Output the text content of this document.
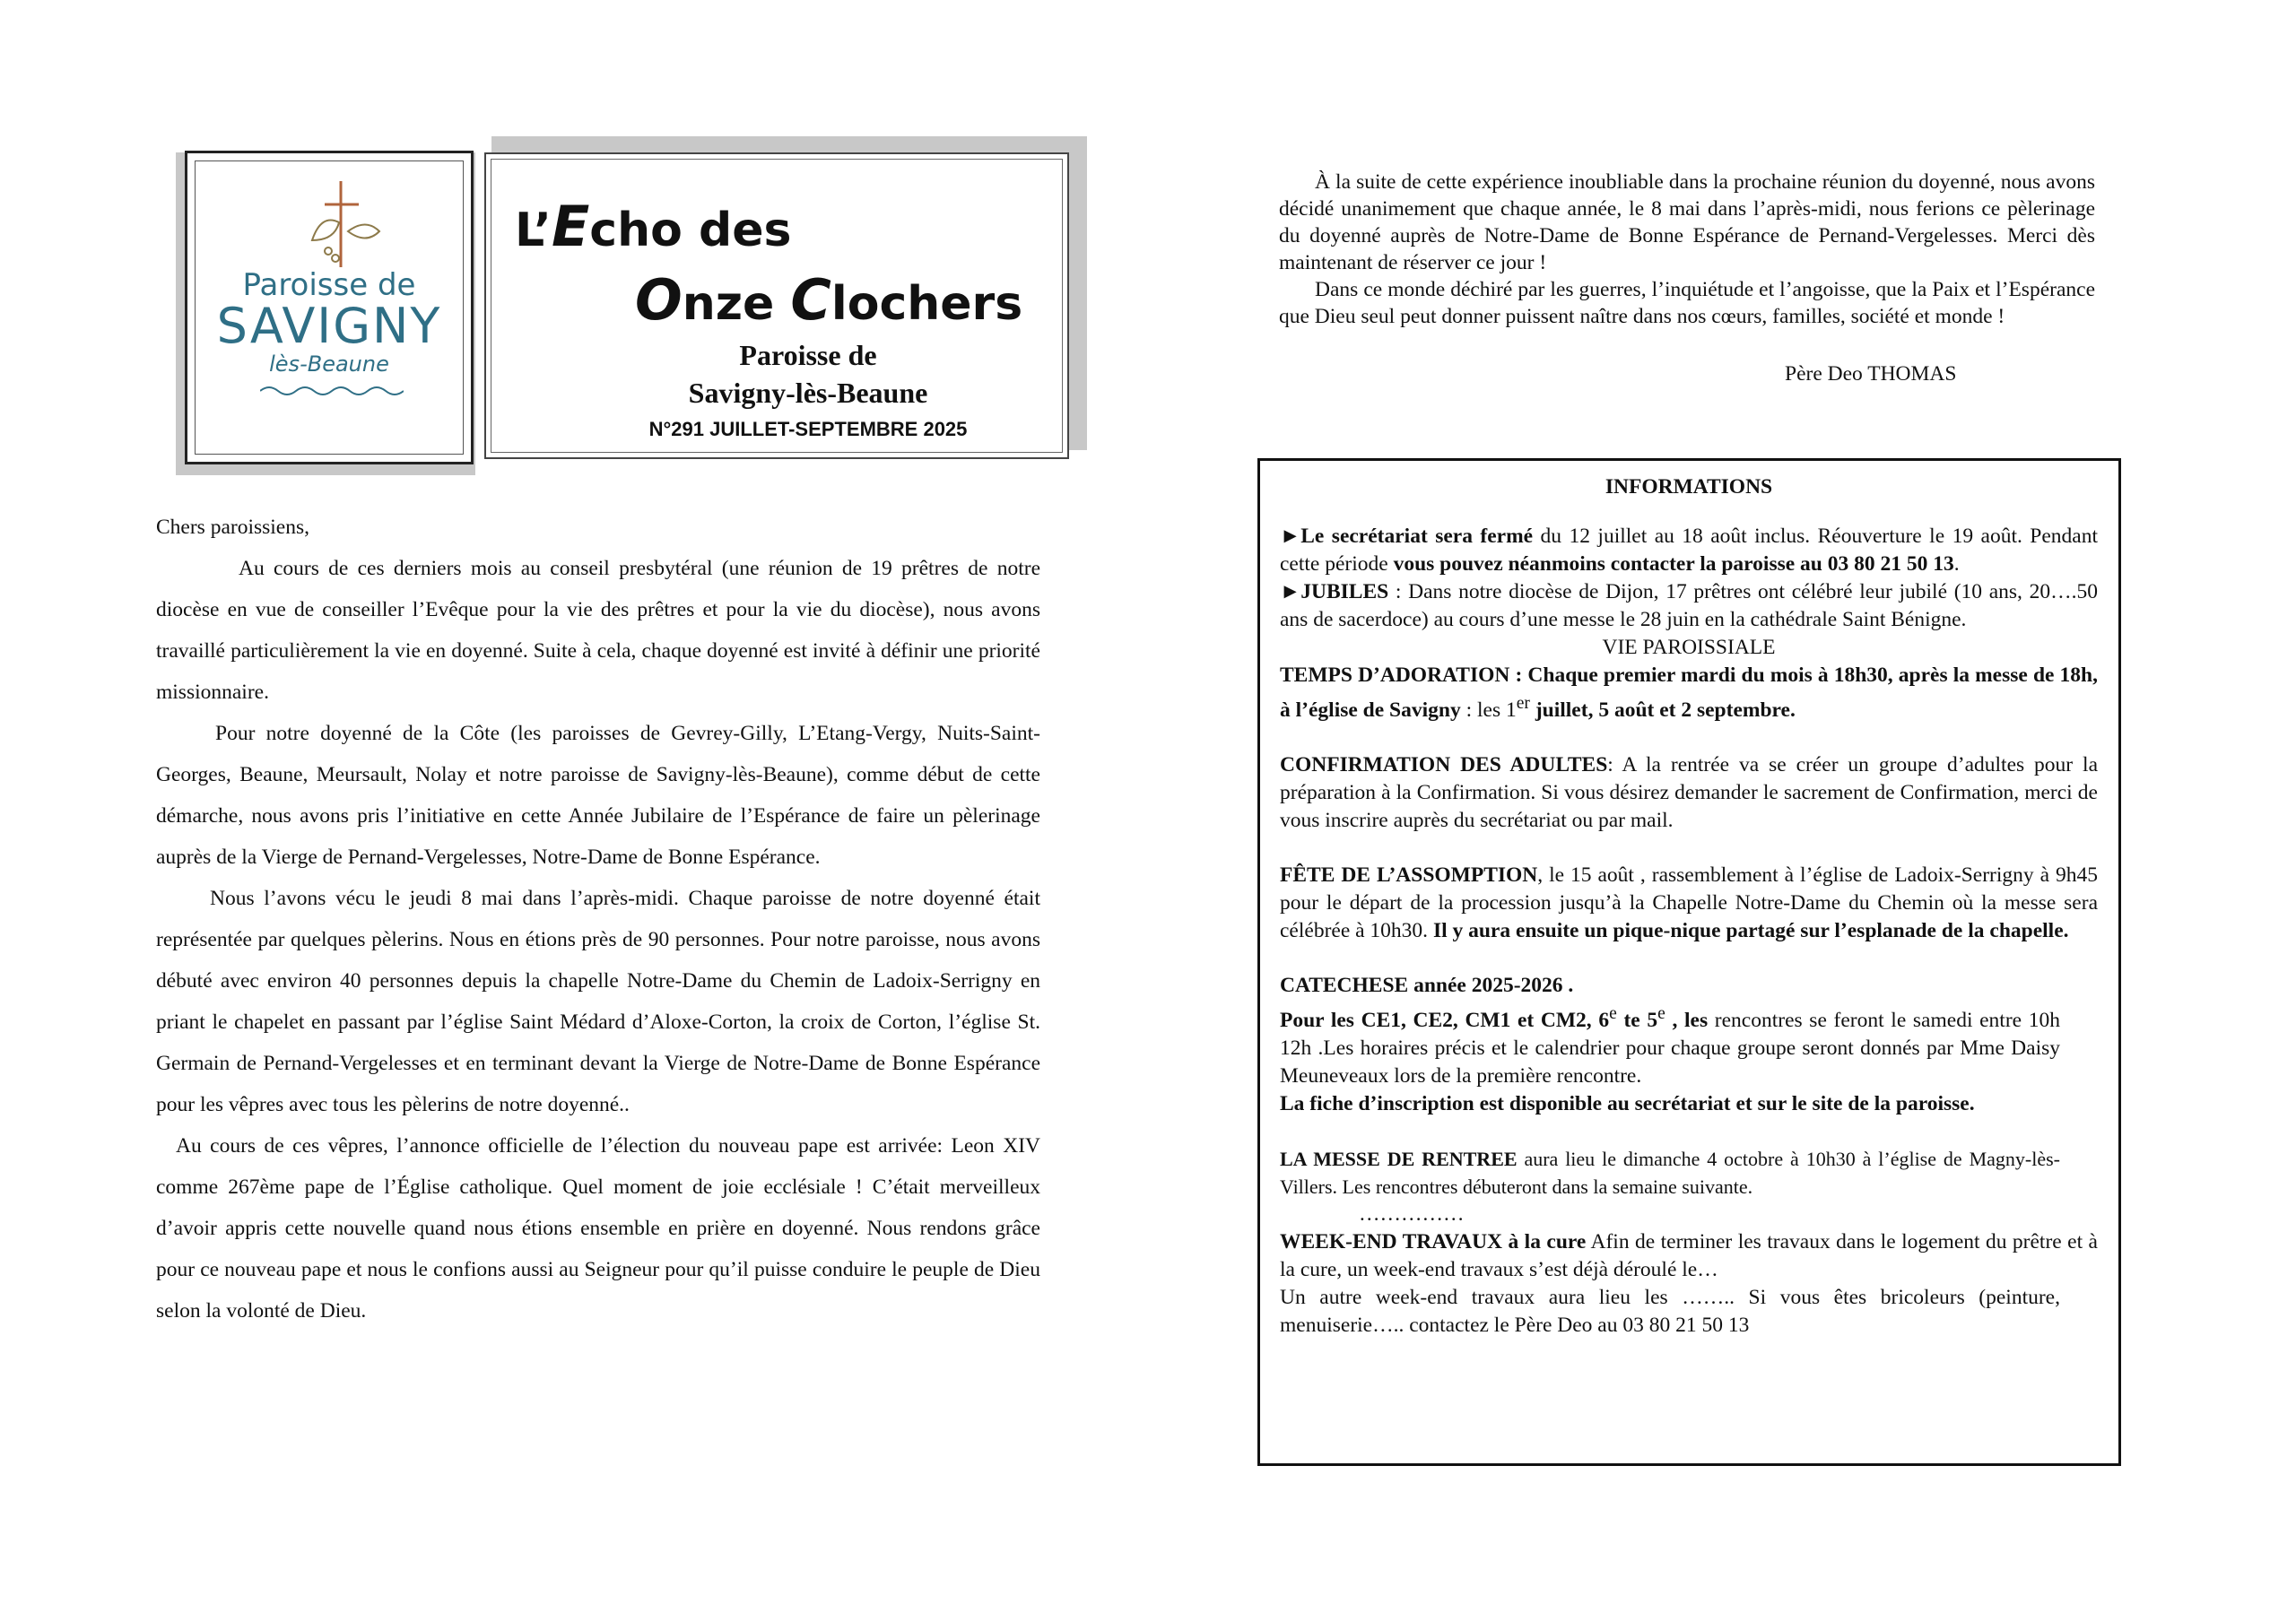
Paroisse de
SAVIGNY
lès-Beaune
L’Echo des
Onze Clochers
Paroisse de
Savigny-lès-Beaune
N°291 JUILLET-SEPTEMBRE 2025

Chers paroissiens,

Au cours de ces derniers mois au conseil presbytéral (une réunion de 19 prêtres de notre diocèse en vue de conseiller l’Evêque pour la vie des prêtres et pour la vie du diocèse), nous avons travaillé particulièrement la vie en doyenné. Suite à cela, chaque doyenné est invité à définir une priorité missionnaire.

Pour notre doyenné de la Côte (les paroisses de Gevrey-Gilly, L’Etang-Vergy, Nuits-Saint-Georges, Beaune, Meursault, Nolay et notre paroisse de Savigny-lès-Beaune), comme début de cette démarche, nous avons pris l’initiative en cette Année Jubilaire de l’Espérance de faire un pèlerinage auprès de la Vierge de Pernand-Vergelesses, Notre-Dame de Bonne Espérance.

Nous l’avons vécu le jeudi 8 mai dans l’après-midi. Chaque paroisse de notre doyenné était représentée par quelques pèlerins. Nous en étions près de 90 personnes. Pour notre paroisse, nous avons débuté avec environ 40 personnes depuis la chapelle Notre-Dame du Chemin de Ladoix-Serrigny en priant le chapelet en passant par l’église Saint Médard d’Aloxe-Corton, la croix de Corton, l’église St. Germain de Pernand-Vergelesses et en terminant devant la Vierge de Notre-Dame de Bonne Espérance pour les vêpres avec tous les pèlerins de notre doyenné..

Au cours de ces vêpres, l’annonce officielle de l’élection du nouveau pape est arrivée: Leon XIV comme 267ème pape de l’Église catholique. Quel moment de joie ecclésiale ! C’était merveilleux d’avoir appris cette nouvelle quand nous étions ensemble en prière en doyenné. Nous rendons grâce pour ce nouveau pape et nous le confions aussi au Seigneur pour qu’il puisse conduire le peuple de Dieu selon la volonté de Dieu.

À la suite de cette expérience inoubliable dans la prochaine réunion du doyenné, nous avons décidé unanimement que chaque année, le 8 mai dans l’après-midi, nous ferions ce pèlerinage du doyenné auprès de Notre-Dame de Bonne Espérance de Pernand-Vergelesses. Merci dès maintenant de réserver ce jour !

Dans ce monde déchiré par les guerres, l’inquiétude et l’angoisse, que la Paix et l’Espérance que Dieu seul peut donner puissent naître dans nos cœurs, familles, société et monde !

Père Deo THOMAS

INFORMATIONS

►Le secrétariat sera fermé du 12 juillet au 18 août inclus. Réouverture le 19 août. Pendant cette période vous pouvez néanmoins contacter la paroisse au 03 80 21 50 13.

►JUBILES : Dans notre diocèse de Dijon, 17 prêtres ont célébré leur jubilé (10 ans, 20….50 ans de sacerdoce) au cours d’une messe le 28 juin en la cathédrale Saint Bénigne.

VIE PAROISSIALE

TEMPS D’ADORATION : Chaque premier mardi du mois à 18h30, après la messe de 18h, à l’église de Savigny : les 1er juillet, 5 août et 2 septembre.

CONFIRMATION DES ADULTES: A la rentrée va se créer un groupe d’adultes pour la préparation à la Confirmation. Si vous désirez demander le sacrement de Confirmation, merci de vous inscrire auprès du secrétariat ou par mail.

FÊTE DE L’ASSOMPTION, le 15 août , rassemblement à l’église de Ladoix-Serrigny à 9h45 pour le départ de la procession jusqu’à la Chapelle Notre-Dame du Chemin où la messe sera célébrée à 10h30. Il y aura ensuite un pique-nique partagé sur l’esplanade de la chapelle.

CATECHESE année 2025-2026 .

Pour les CE1, CE2, CM1 et CM2, 6e te 5e , les rencontres se feront le samedi entre 10h 12h .Les horaires précis et le calendrier pour chaque groupe seront donnés par Mme Daisy Meuneveaux lors de la première rencontre.

La fiche d’inscription est disponible au secrétariat et sur le site de la paroisse.

LA MESSE DE RENTREE aura lieu le dimanche 4 octobre à 10h30 à l’église de Magny-lès-Villers. Les rencontres débuteront dans la semaine suivante.

……………

WEEK-END TRAVAUX à la cure Afin de terminer les travaux dans le logement du prêtre et à la cure, un week-end travaux s’est déjà déroulé le…

Un autre week-end travaux aura lieu les …….. Si vous êtes bricoleurs (peinture, menuiserie….. contactez le Père Deo au 03 80 21 50 13
